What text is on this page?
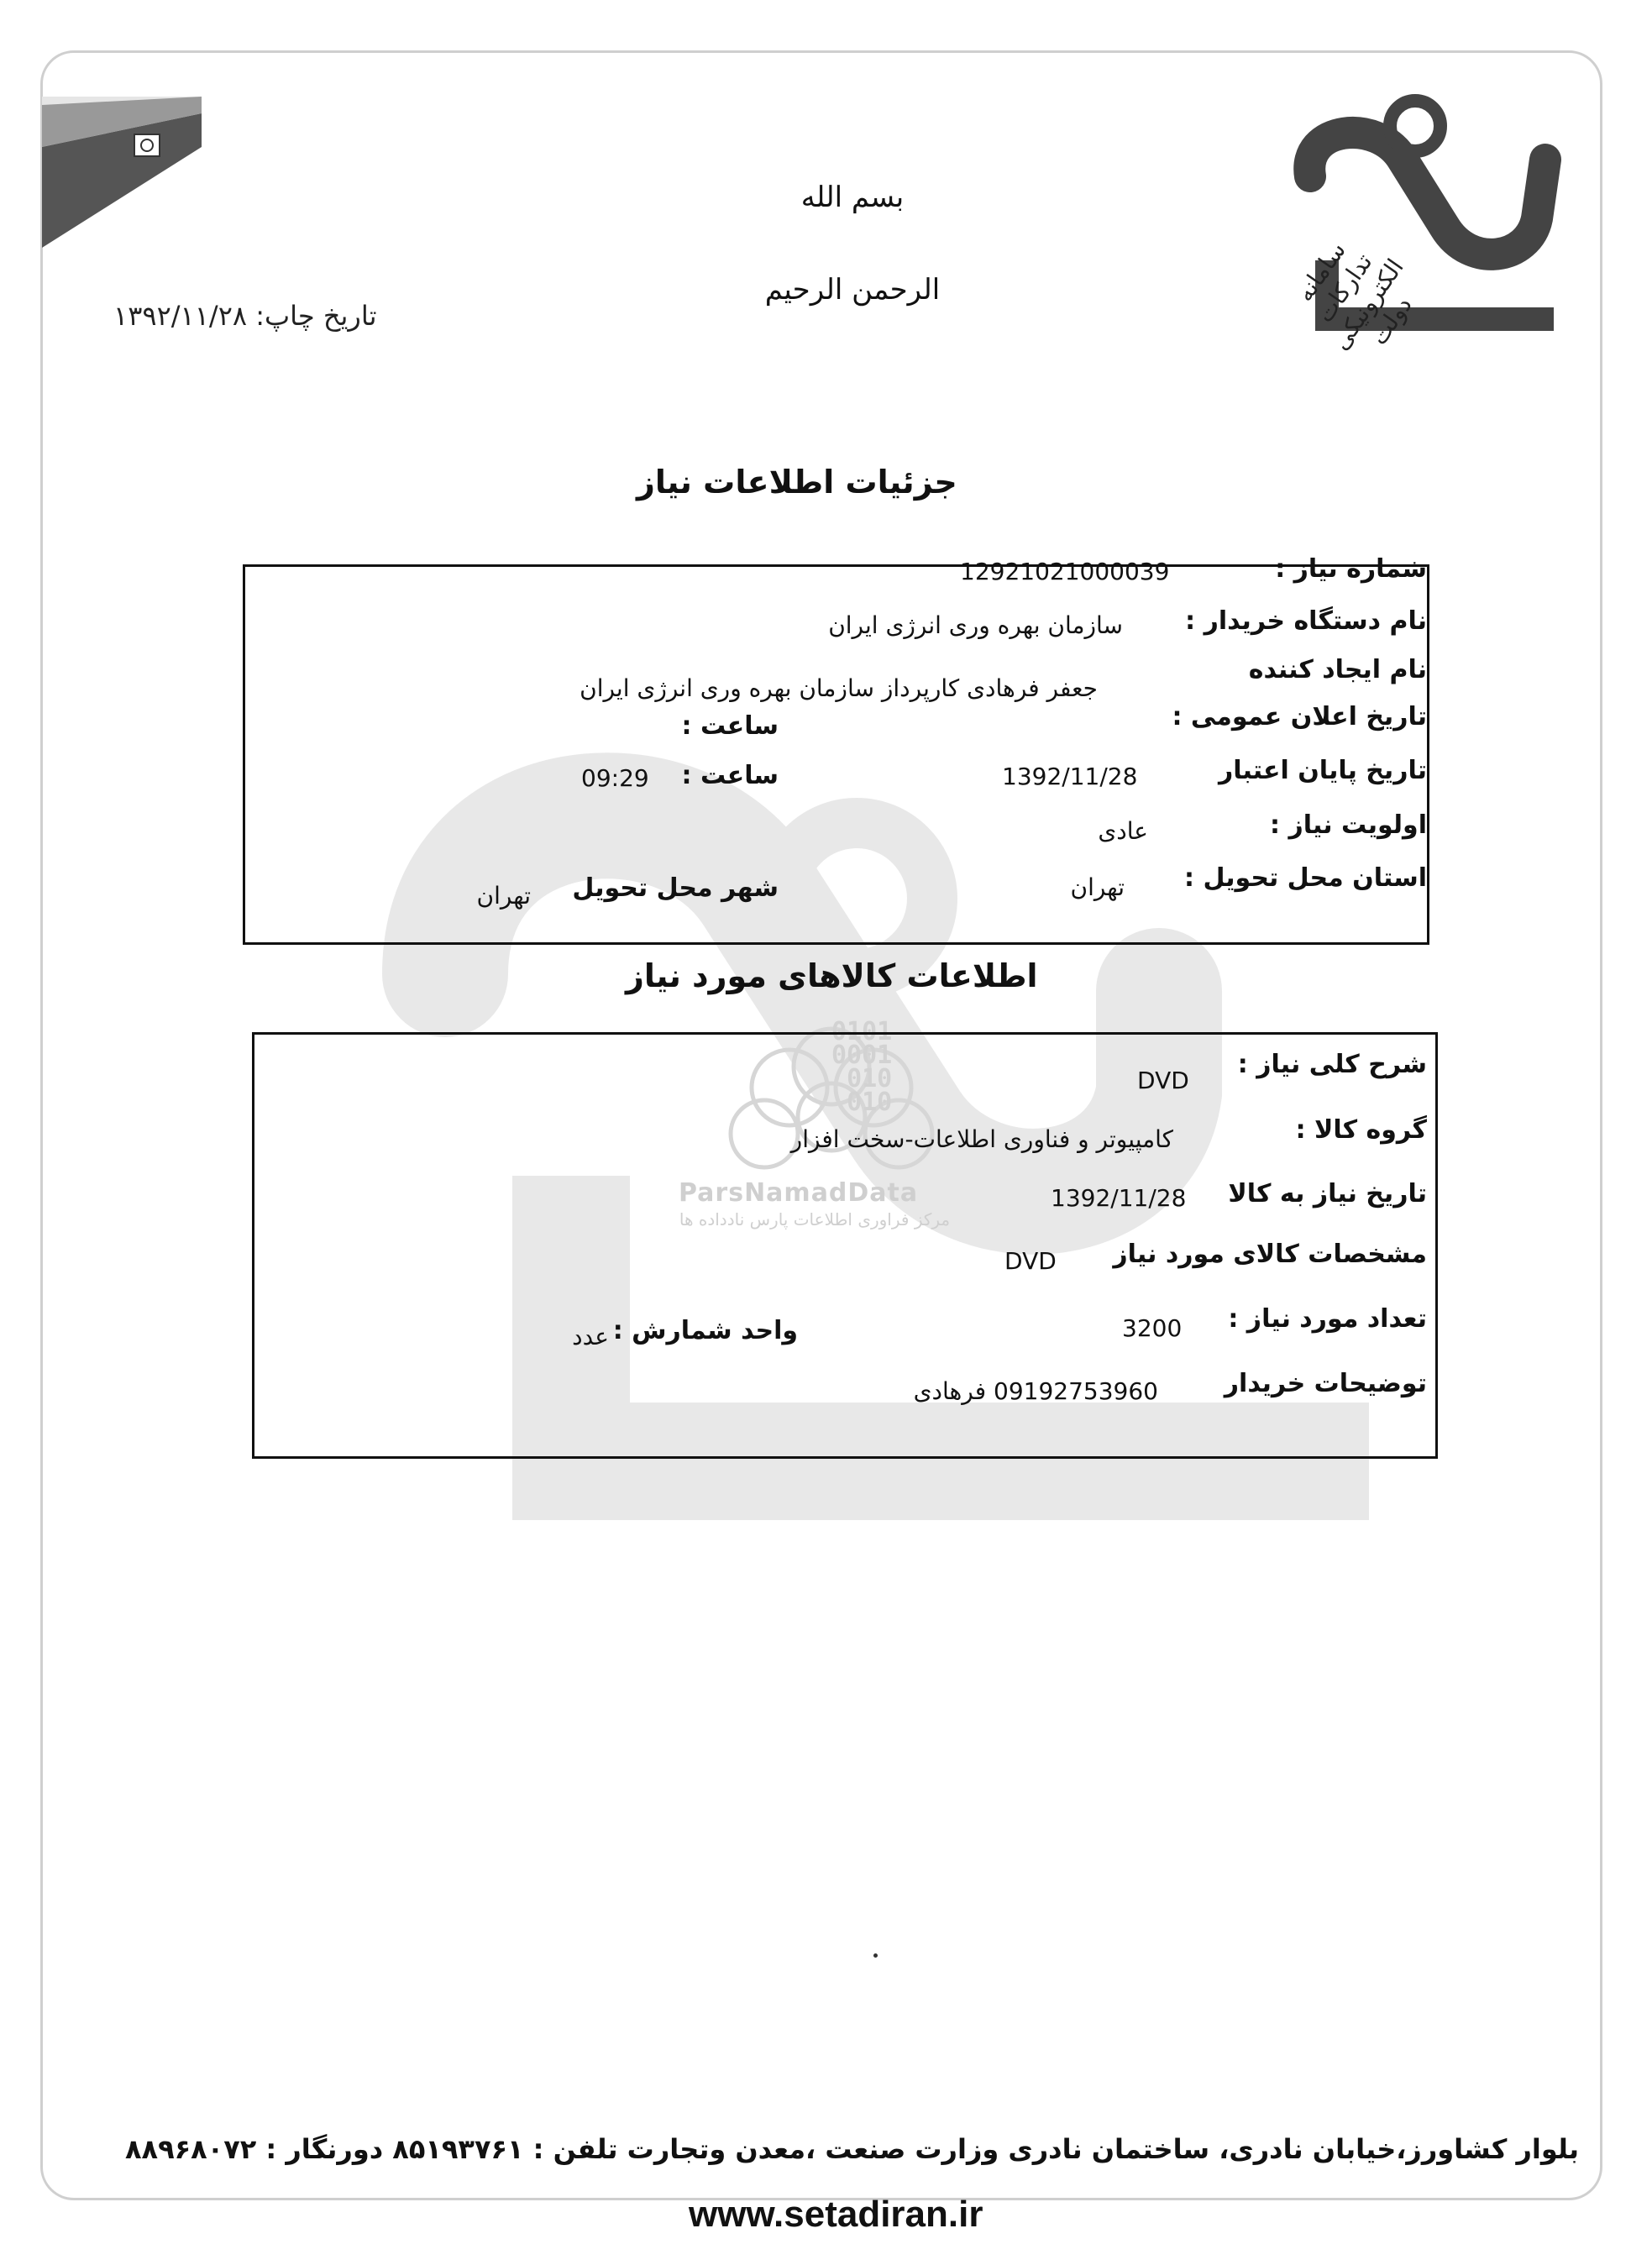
0101
0001
010
010
ParsNamadData
مرکز فراوری اطلاعات پارس نادداده ها
بسم الله الرحمن الرحیم	سامانه تدارکات الکترونیکی دولت
تاریخ چاپ: ۱۳۹۲/۱۱/۲۸
جزئیات اطلاعات نیاز
شماره نیاز :
12921021000039
نام دستگاه خریدار :
سازمان بهره وری انرژی ایران
نام ایجاد کننده
جعفر فرهادی کارپرداز سازمان بهره وری انرژی ایران
تاریخ اعلان عمومی :
ساعت :
تاریخ پایان اعتبار
1392/11/28
ساعت :
09:29
اولویت نیاز :
عادی
استان محل تحویل :
تهران
شهر محل تحویل
تهران
اطلاعات کالاهای مورد نیاز
شرح کلی نیاز :
DVD
گروه کالا :
کامپیوتر و فناوری اطلاعات-سخت افزار
تاریخ نیاز به کالا
1392/11/28
مشخصات کالای مورد نیاز
DVD
تعداد مورد نیاز :
3200
واحد شمارش :
عدد
توضیحات خریدار
09192753960 فرهادی
بلوار کشاورز،خیابان نادری، ساختمان نادری وزارت صنعت ،معدن وتجارت تلفن : ۸۵۱۹۳۷۶۱ دورنگار : ۸۸۹۶۸۰۷۲
www.setadiran.ir
